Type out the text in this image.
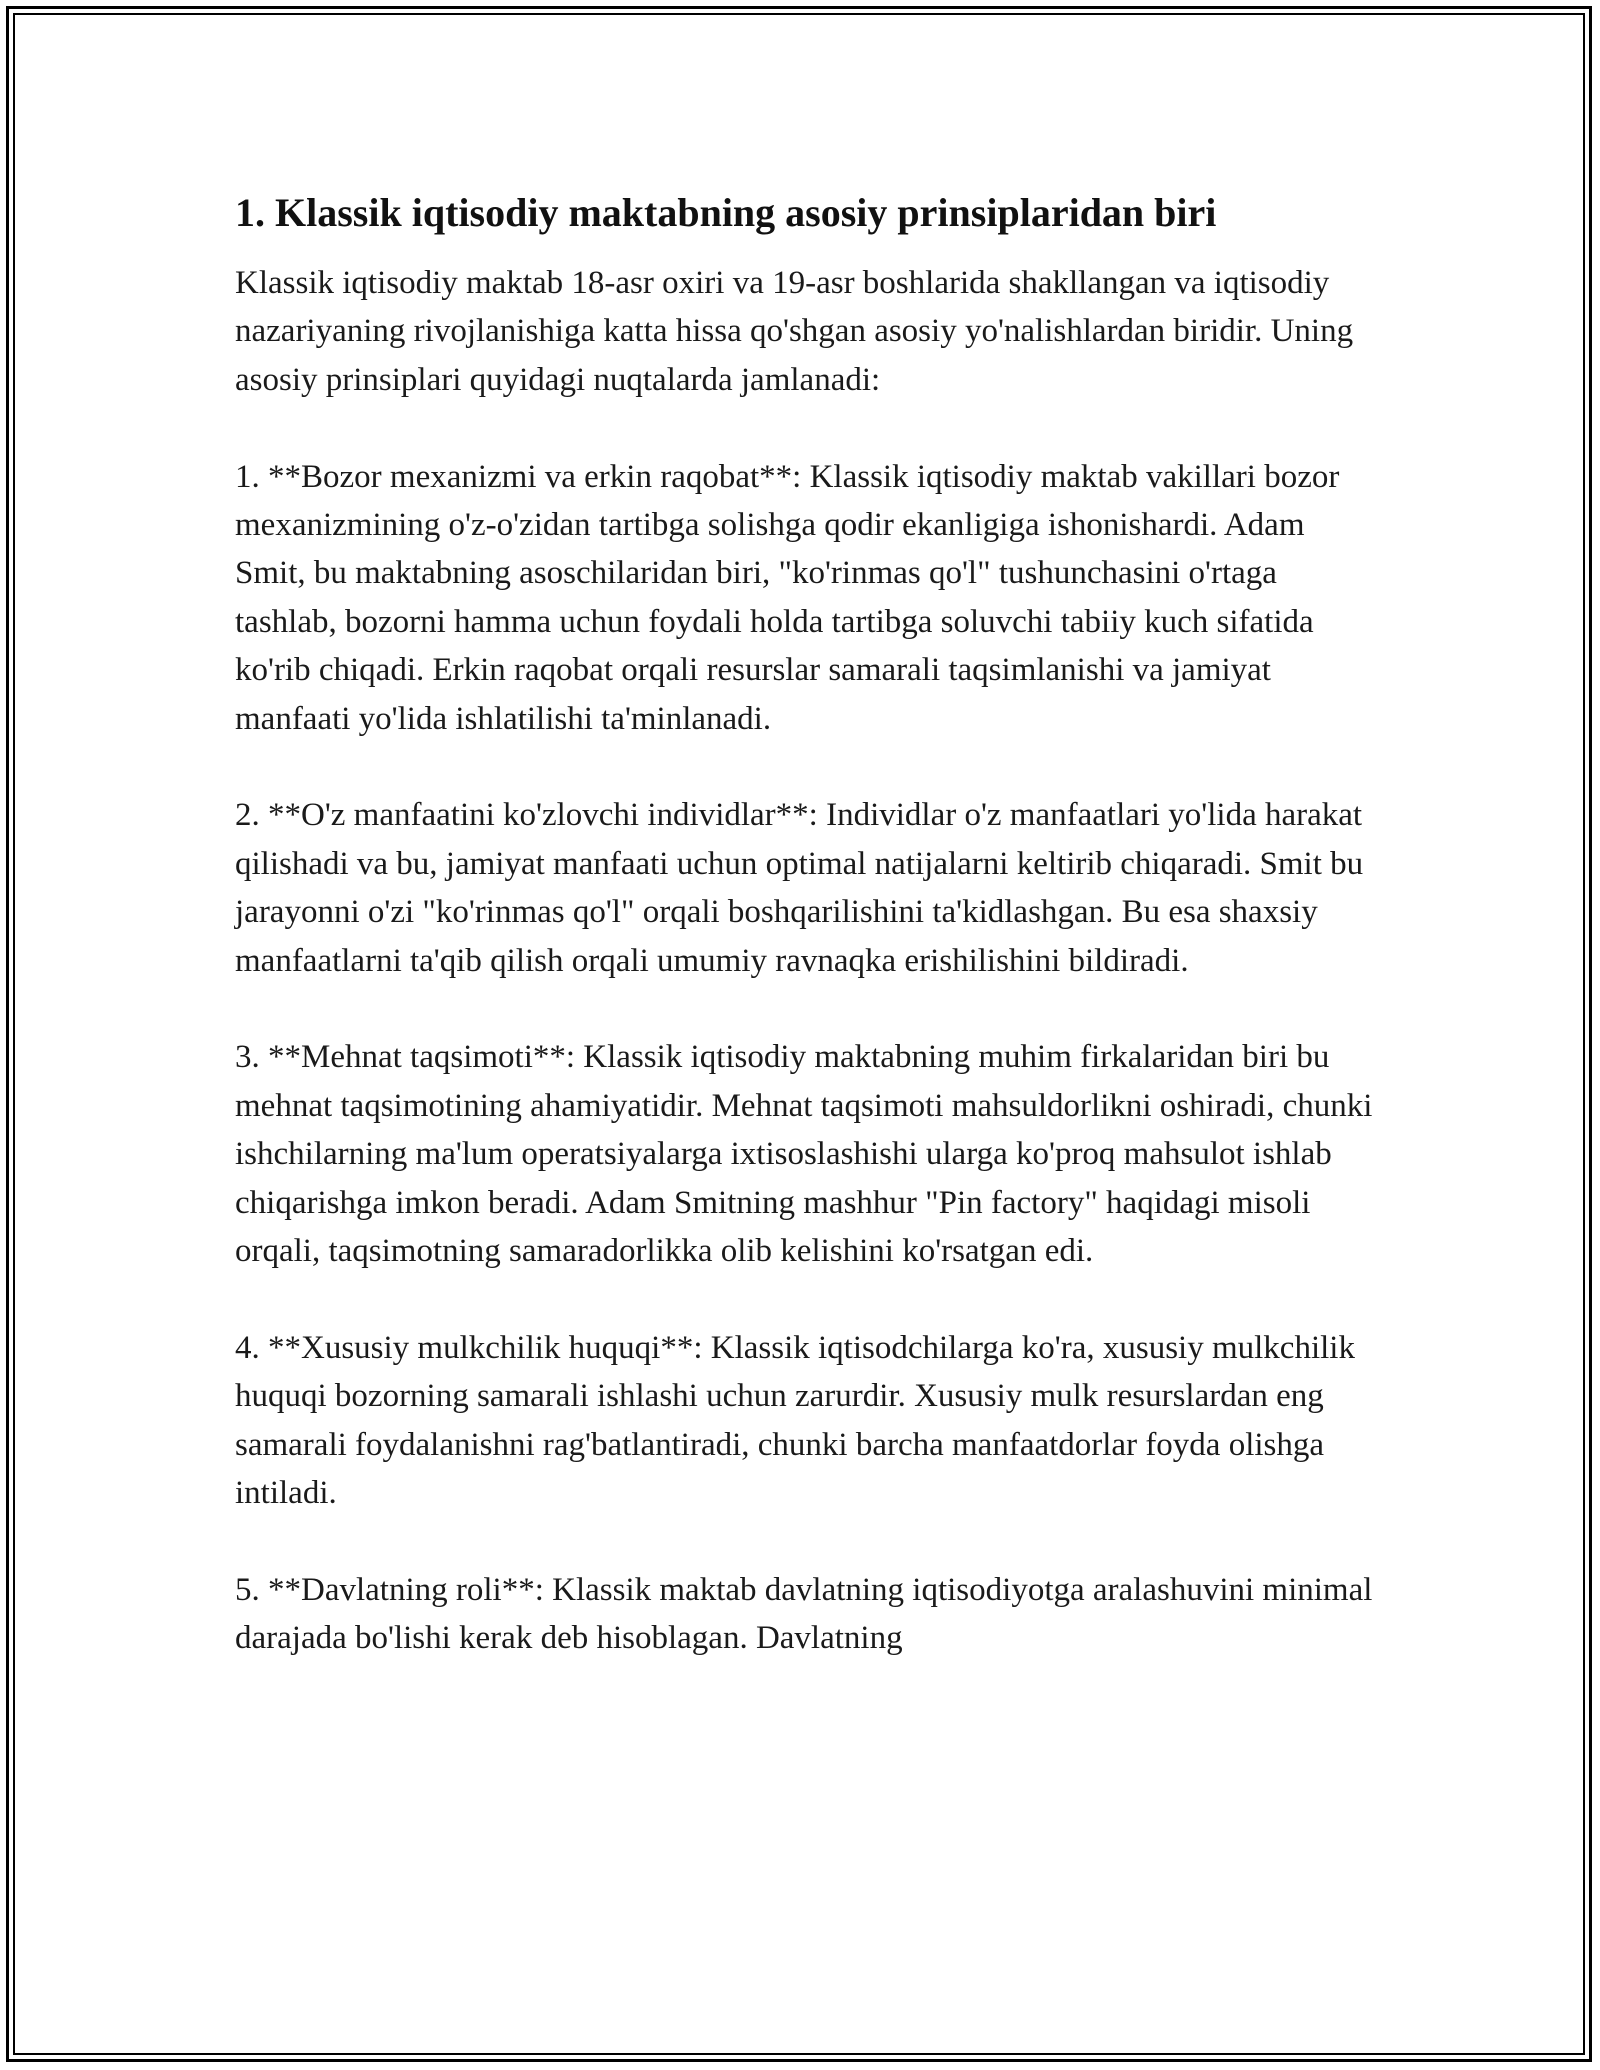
1. Klassik iqtisodiy maktabning asosiy prinsiplaridan biri

Klassik iqtisodiy maktab 18-asr oxiri va 19-asr boshlarida shakllangan va iqtisodiy nazariyaning rivojlanishiga katta hissa qo'shgan asosiy yo'nalishlardan biridir. Uning asosiy prinsiplari quyidagi nuqtalarda jamlanadi:

1. **Bozor mexanizmi va erkin raqobat**: Klassik iqtisodiy maktab vakillari bozor mexanizmining o'z-o'zidan tartibga solishga qodir ekanligiga ishonishardi. Adam Smit, bu maktabning asoschilaridan biri, "ko'rinmas qo'l" tushunchasini o'rtaga tashlab, bozorni hamma uchun foydali holda tartibga soluvchi tabiiy kuch sifatida ko'rib chiqadi. Erkin raqobat orqali resurslar samarali taqsimlanishi va jamiyat manfaati yo'lida ishlatilishi ta'minlanadi.

2. **O'z manfaatini ko'zlovchi individlar**: Individlar o'z manfaatlari yo'lida harakat qilishadi va bu, jamiyat manfaati uchun optimal natijalarni keltirib chiqaradi. Smit bu jarayonni o'zi "ko'rinmas qo'l" orqali boshqarilishini ta'kidlashgan. Bu esa shaxsiy manfaatlarni ta'qib qilish orqali umumiy ravnaqka erishilishini bildiradi.

3. **Mehnat taqsimoti**: Klassik iqtisodiy maktabning muhim firkalaridan biri bu mehnat taqsimotining ahamiyatidir. Mehnat taqsimoti mahsuldorlikni oshiradi, chunki ishchilarning ma'lum operatsiyalarga ixtisoslashishi ularga ko'proq mahsulot ishlab chiqarishga imkon beradi. Adam Smitning mashhur "Pin factory" haqidagi misoli orqali, taqsimotning samaradorlikka olib kelishini ko'rsatgan edi.

4. **Xususiy mulkchilik huquqi**: Klassik iqtisodchilarga ko'ra, xususiy mulkchilik huquqi bozorning samarali ishlashi uchun zarurdir. Xususiy mulk resurslardan eng samarali foydalanishni rag'batlantiradi, chunki barcha manfaatdorlar foyda olishga intiladi.

5. **Davlatning roli**: Klassik maktab davlatning iqtisodiyotga aralashuvini minimal darajada bo'lishi kerak deb hisoblagan. Davlatning
